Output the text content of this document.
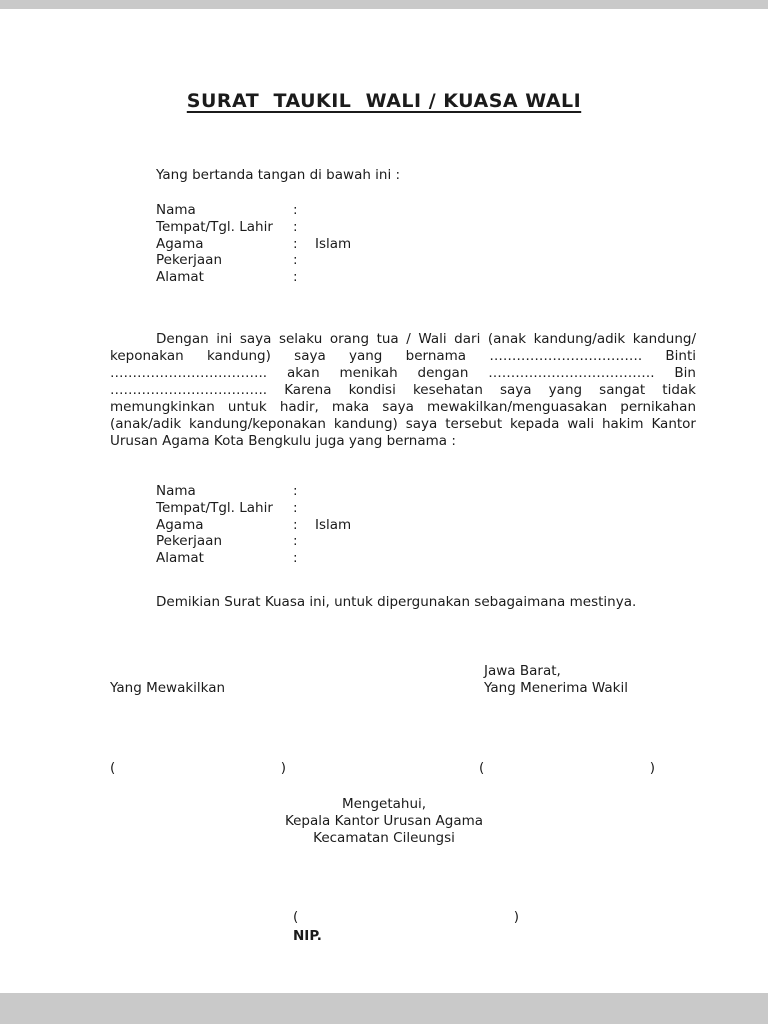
SURAT  TAUKIL  WALI / KUASA WALI
Yang bertanda tangan di bawah ini :
Nama	:
Tempat/Tgl. Lahir	:
Agama	:	Islam
Pekerjaan	:
Alamat	:
Dengan ini saya selaku orang tua / Wali dari (anak kandung/adik kandung/ keponakan kandung) saya yang bernama ……………………………. Binti …………………………….. akan menikah dengan ………………………………. Bin …………………………….. Karena kondisi kesehatan saya yang sangat tidak memungkinkan untuk hadir, maka saya mewakilkan/menguasakan pernikahan (anak/adik kandung/keponakan kandung) saya tersebut kepada wali hakim Kantor Urusan Agama Kota Bengkulu juga yang bernama :
Nama	:
Tempat/Tgl. Lahir	:
Agama	:	Islam
Pekerjaan	:
Alamat	:
Demikian Surat Kuasa ini, untuk dipergunakan sebagaimana mestinya.
Jawa Barat,
Yang Mewakilkan	Yang Menerima Wakil
(	)	(	)
Mengetahui,
Kepala Kantor Urusan Agama
Kecamatan Cileungsi
(	)
NIP.
